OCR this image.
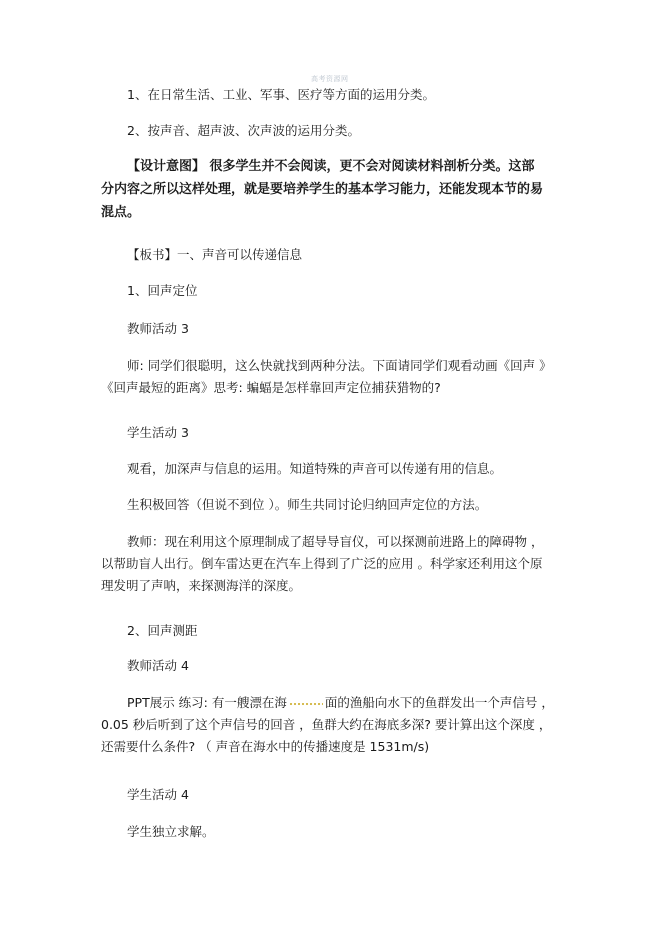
高考资源网
1、在日常生活、工业、军事、医疗等方面的运用分类。
2、按声音、超声波、次声波的运用分类。
【设计意图】 很多学生并不会阅读，更不会对阅读材料剖析分类。这部
分内容之所以这样处理，就是要培养学生的基本学习能力，还能发现本节的易
混点。
【板书】一、声音可以传递信息
1、回声定位
教师活动 3
师: 同学们很聪明，这么快就找到两种分法。下面请同学们观看动画《回声 》
《回声最短的距离》思考: 蝙蝠是怎样靠回声定位捕获猎物的?
学生活动 3
观看，加深声与信息的运用。知道特殊的声音可以传递有用的信息。
生积极回答（但说不到位 ）。师生共同讨论归纳回声定位的方法。
教师：现在利用这个原理制成了超导导盲仪，可以探测前进路上的障碍物 ，
以帮助盲人出行。倒车雷达更在汽车上得到了广泛的应用 。科学家还利用这个原
理发明了声呐，来探测海洋的深度。
2、回声测距
教师活动 4
PPT展示 练习: 有一艘漂在海	面的渔船向水下的鱼群发出一个声信号 ，
0.05 秒后听到了这个声信号的回音 ，鱼群大约在海底多深? 要计算出这个深度 ，
还需要什么条件? （ 声音在海水中的传播速度是 1531m/s)
学生活动 4
学生独立求解。
